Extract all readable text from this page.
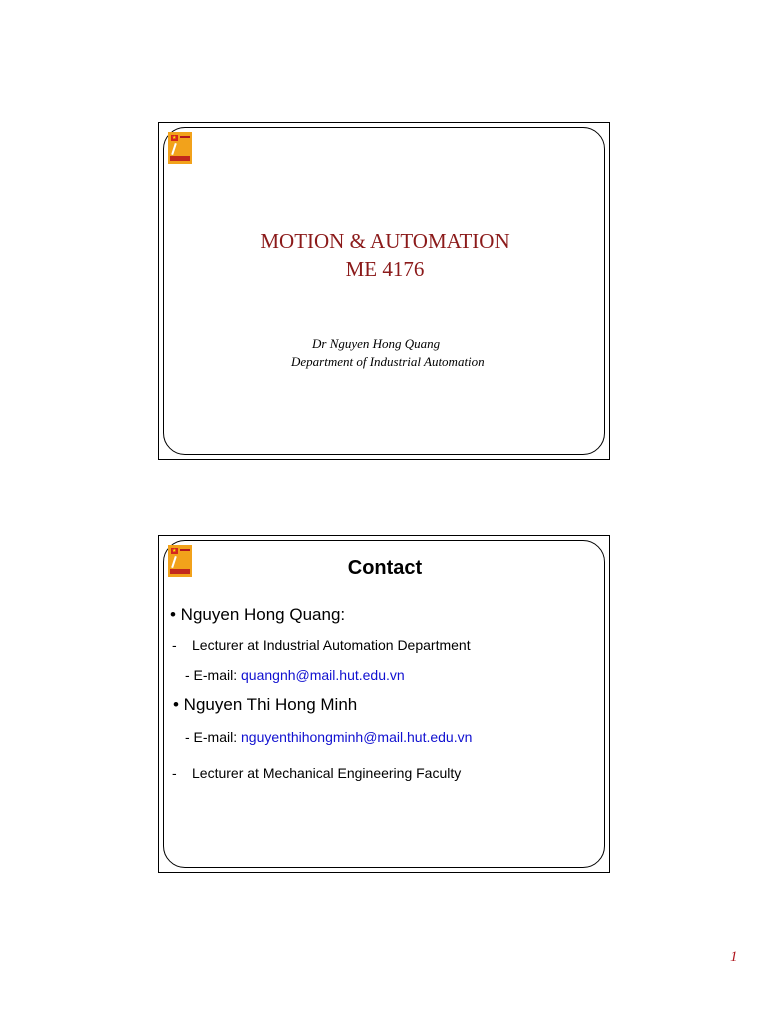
★
MOTION & AUTOMATION
ME 4176
Dr Nguyen Hong Quang
Department of Industrial Automation
★
Contact
• Nguyen Hong Quang:
- Lecturer at Industrial Automation Department
- E-mail: quangnh@mail.hut.edu.vn
• Nguyen Thi Hong Minh
- E-mail: nguyenthihongminh@mail.hut.edu.vn
- Lecturer at Mechanical Engineering Faculty
1
